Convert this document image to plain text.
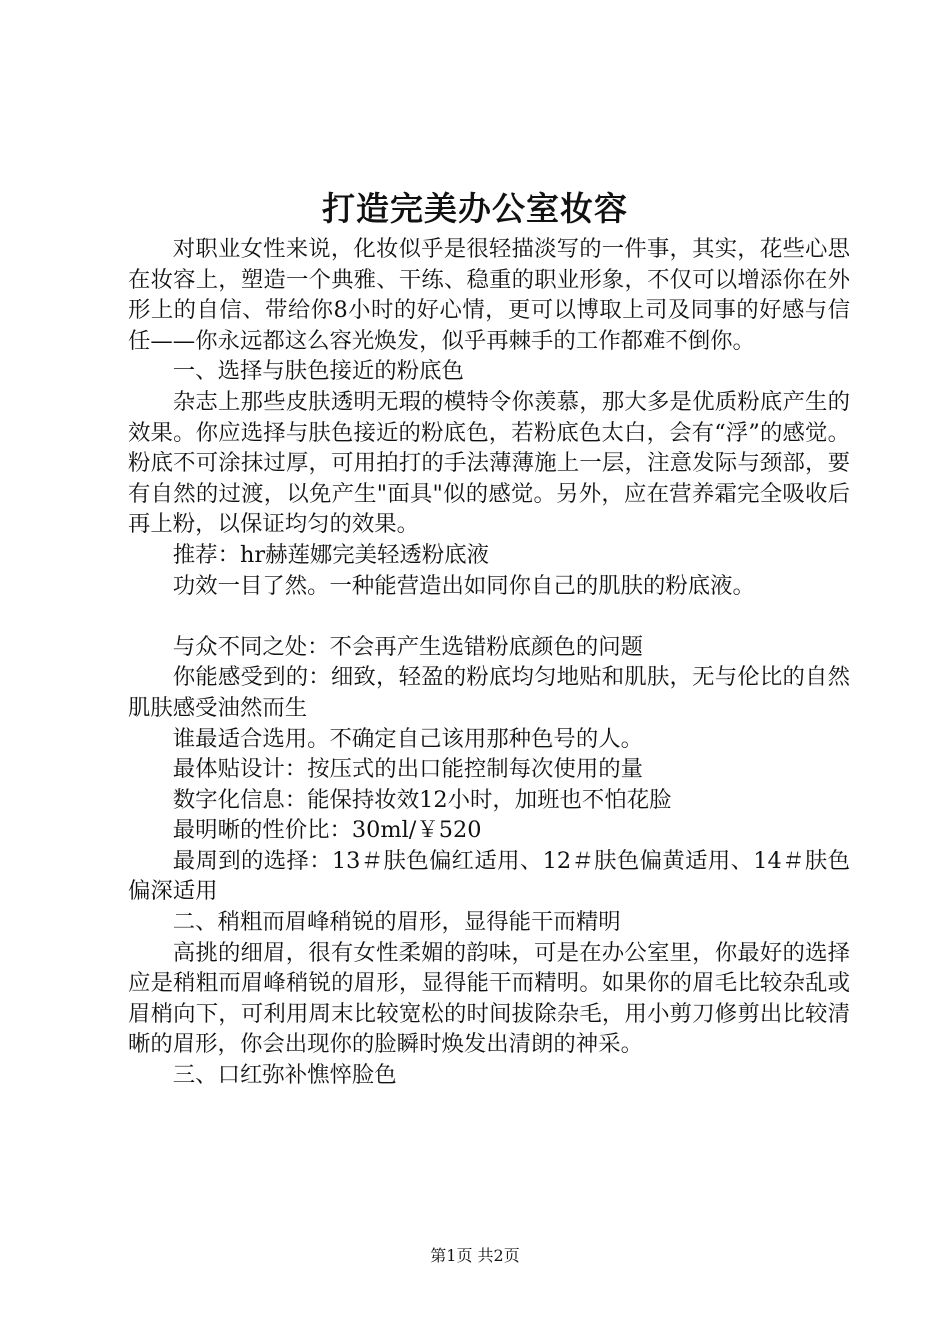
打造完美办公室妆容

对职业女性来说，化妆似乎是很轻描淡写的一件事，其实，花些心思在妆容上，塑造一个典雅、干练、稳重的职业形象，不仅可以增添你在外形上的自信、带给你8小时的好心情，更可以博取上司及同事的好感与信任——你永远都这么容光焕发，似乎再棘手的工作都难不倒你。

一、选择与肤色接近的粉底色

杂志上那些皮肤透明无瑕的模特令你羡慕，那大多是优质粉底产生的效果。你应选择与肤色接近的粉底色，若粉底色太白，会有“浮”的感觉。粉底不可涂抹过厚，可用拍打的手法薄薄施上一层，注意发际与颈部，要有自然的过渡，以免产生"面具"似的感觉。另外，应在营养霜完全吸收后再上粉，以保证均匀的效果。

推荐：hr赫莲娜完美轻透粉底液

功效一目了然。一种能营造出如同你自己的肌肤的粉底液。

与众不同之处：不会再产生选错粉底颜色的问题

你能感受到的：细致，轻盈的粉底均匀地贴和肌肤，无与伦比的自然肌肤感受油然而生

谁最适合选用。不确定自己该用那种色号的人。

最体贴设计：按压式的出口能控制每次使用的量

数字化信息：能保持妆效12小时，加班也不怕花脸

最明晰的性价比：30ml/￥520

最周到的选择：13＃肤色偏红适用、12＃肤色偏黄适用、14＃肤色偏深适用

二、稍粗而眉峰稍锐的眉形，显得能干而精明

高挑的细眉，很有女性柔媚的韵味，可是在办公室里，你最好的选择应是稍粗而眉峰稍锐的眉形，显得能干而精明。如果你的眉毛比较杂乱或眉梢向下，可利用周末比较宽松的时间拔除杂毛，用小剪刀修剪出比较清晰的眉形，你会出现你的脸瞬时焕发出清朗的神采。

三、口红弥补憔悴脸色

第1页 共2页
